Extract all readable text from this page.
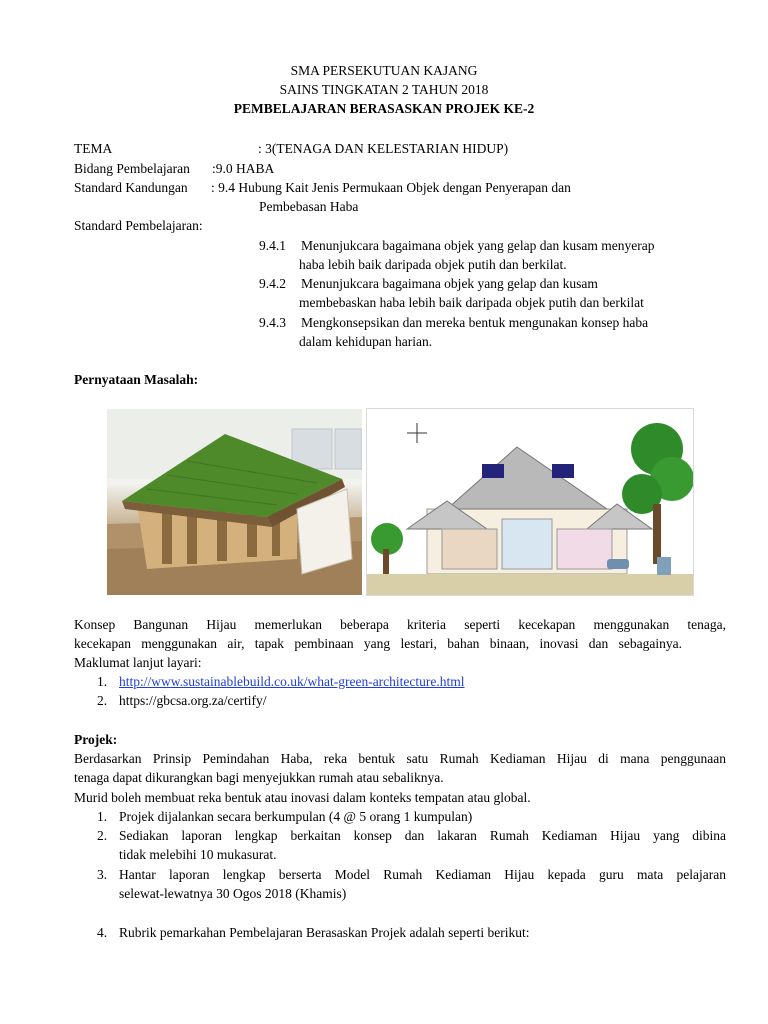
SMA PERSEKUTUAN KAJANG
SAINS TINGKATAN 2 TAHUN 2018
PEMBELAJARAN BERASASKAN PROJEK KE-2
TEMA	: 3(TENAGA DAN KELESTARIAN HIDUP)
Bidang Pembelajaran :9.0 HABA
Standard Kandungan : 9.4 Hubung Kait Jenis Permukaan Objek dengan Penyerapan dan
Pembebasan Haba
Standard Pembelajaran:
9.4.1 Menunjukcara bagaimana objek yang gelap dan kusam menyerap
haba lebih baik daripada objek putih dan berkilat.
9.4.2 Menunjukcara bagaimana objek yang gelap dan kusam
membebaskan haba lebih baik daripada objek putih dan berkilat
9.4.3 Mengkonsepsikan dan mereka bentuk mengunakan konsep haba
dalam kehidupan harian.
Pernyataan Masalah:
Konsep Bangunan Hijau memerlukan beberapa kriteria seperti kecekapan menggunakan tenaga,
kecekapan menggunakan air, tapak pembinaan yang lestari, bahan binaan, inovasi dan sebagainya.
Maklumat lanjut layari:
1. http://www.sustainablebuild.co.uk/what-green-architecture.html
2. https://gbcsa.org.za/certify/
Projek:
Berdasarkan Prinsip Pemindahan Haba, reka bentuk satu Rumah Kediaman Hijau di mana penggunaan
tenaga dapat dikurangkan bagi menyejukkan rumah atau sebaliknya.
Murid boleh membuat reka bentuk atau inovasi dalam konteks tempatan atau global.
1. Projek dijalankan secara berkumpulan (4 @ 5 orang 1 kumpulan)
2. Sediakan laporan lengkap berkaitan konsep dan lakaran Rumah Kediaman Hijau yang dibina
tidak melebihi 10 mukasurat.
3. Hantar laporan lengkap berserta Model Rumah Kediaman Hijau kepada guru mata pelajaran
selewat-lewatnya 30 Ogos 2018 (Khamis)
4. Rubrik pemarkahan Pembelajaran Berasaskan Projek adalah seperti berikut:
